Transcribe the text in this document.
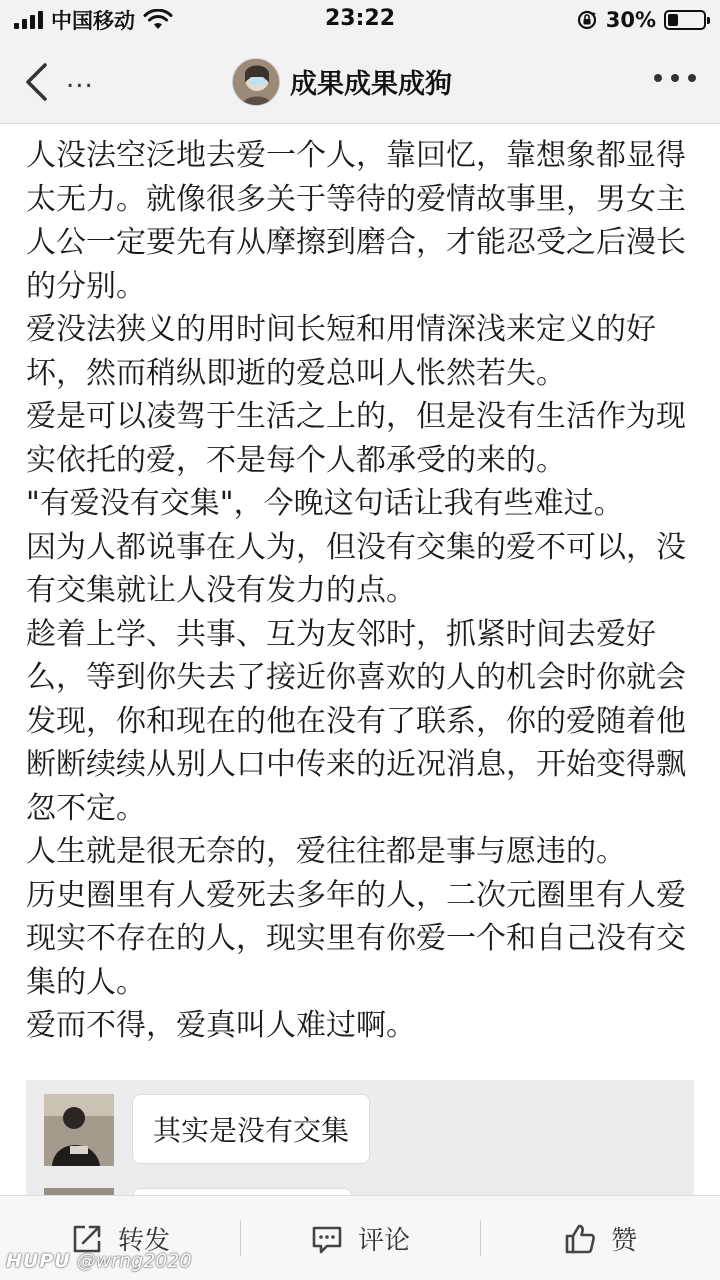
中国移动	23:22	30%
...	成果成果成狗

人没法空泛地去爱一个人，靠回忆，靠想象都显得太无力。就像很多关于等待的爱情故事里，男女主人公一定要先有从摩擦到磨合，才能忍受之后漫长的分别。

爱没法狭义的用时间长短和用情深浅来定义的好坏，然而稍纵即逝的爱总叫人怅然若失。

爱是可以凌驾于生活之上的，但是没有生活作为现实依托的爱，不是每个人都承受的来的。

"有爱没有交集"，今晚这句话让我有些难过。

因为人都说事在人为，但没有交集的爱不可以，没有交集就让人没有发力的点。

趁着上学、共事、互为友邻时，抓紧时间去爱好么，等到你失去了接近你喜欢的人的机会时你就会发现，你和现在的他在没有了联系，你的爱随着他断断续续从别人口中传来的近况消息，开始变得飘忽不定。

人生就是很无奈的，爱往往都是事与愿违的。

历史圈里有人爱死去多年的人，二次元圈里有人爱现实不存在的人，现实里有你爱一个和自己没有交集的人。

爱而不得，爱真叫人难过啊。

其实是没有交集
转发	评论	赞
HUPU @wrng2020
